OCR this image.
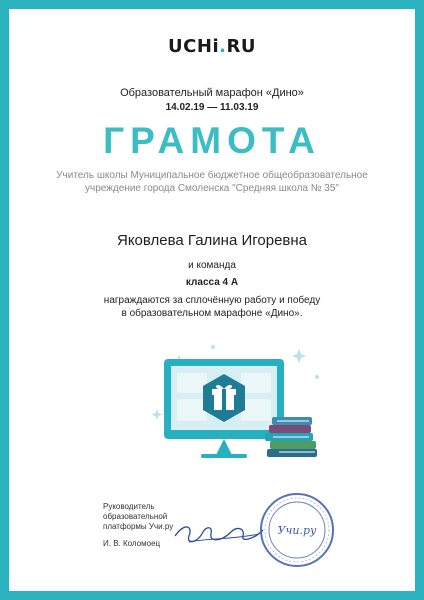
UCHi.RU
Образовательный марафон «Дино»
14.02.19 — 11.03.19
ГРАМОТА
Учитель школы Муниципальное бюджетное общеобразовательное
учреждение города Смоленска "Средняя школа № 35"
Яковлева Галина Игоревна
и команда
класса 4 А
награждаются за сплочённую работу и победу
в образовательном марафоне «Дино».
Руководитель
образовательной
платформы Учи.ру
И. В. Коломоец
Учи.ру
